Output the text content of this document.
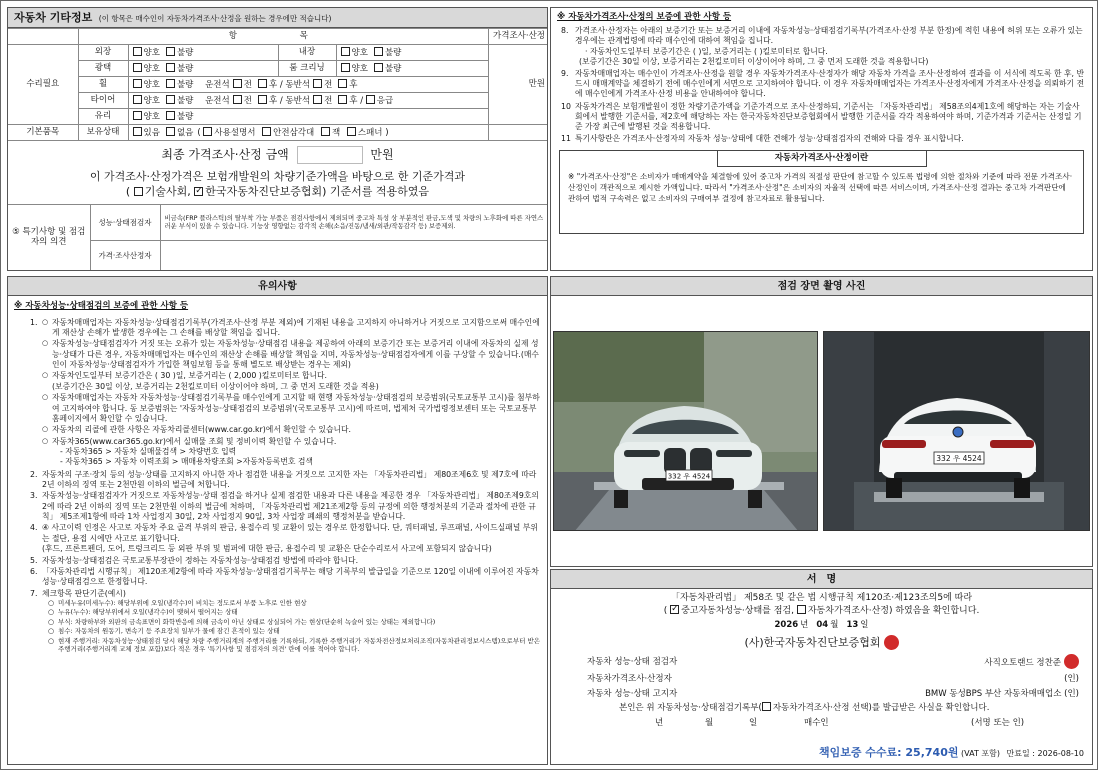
자동차 기타정보 (이 항목은 매수인이 자동차가격조사·산정을 원하는 경우에만 적습니다)
	항 목				가격조사·산정
수리필요	외장	양호 불량	내장	양호 불량	만원
	광택	양호 불량	룸 크리닝	양호 불량	
	휠	양호 불량 운전석 전 후 / 동반석 전 후			
	타이어	양호 불량 운전석 전 후 / 동반석 전 후 / 응급			
	유리	양호 불량			
기본품목	보유상태	있음 없음 ( 사용설명서 안전삼각대 잭 스패너 )			
최종 가격조사·산정 금액	만원
이 가격조사·산정가격은 보험개발원의 차량기준가액을 바탕으로 한 기준가격과
( 기술사회, ✓ 한국자동차진단보증협회) 기준서를 적용하였음
⑤ 특기사항 및 점검자의 의견	성능·상태점검자	비금속(FRP 플라스틱)의 탈부착 가능 부품은 점검사항에서 제외되며 중고차 특성 상 부분적인 판금,도색 및 차량의 노후화에 따른 자연스러운 부식이 있을 수 있습니다. 기능상 영향없는 감각적 손해(소음/진동/냄새/외관/작동감각 등) 보증제외.
	가격·조사산정자	
※ 자동차가격조사·산정의 보증에 관한 사항 등
8. 가격조사·산정자는 아래의 보증기간 또는 보증거리 이내에 자동차성능·상태점검기록부(가격조사·산정 부분 한정)에 적힌 내용에 허위 또는 오류가 있는 경우에는 관계법령에 따라 매수인에 대하여 책임을 집니다.
· 자동차인도일부터 보증기간은 ( )일, 보증거리는 ( )킬로미터로 합니다.
(보증기간은 30일 이상, 보증거리는 2천킬로미터 이상이어야 하며, 그 중 먼저 도래한 것을 적용합니다)
9. 자동차매매업자는 매수인이 가격조사·산정을 원할 경우 자동차가격조사·산정자가 해당 자동차 가격을 조사·산정하여 결과를 이 서식에 적도록 한 후, 반드시 매매계약을 체결하기 전에 매수인에게 서면으로 고지하여야 합니다. 이 경우 자동차매매업자는 가격조사·산정자에게 가격조사·산정을 의뢰하기 전에 매수인에게 가격조사·산정 비용을 안내하여야 합니다.
10 자동차가격은 보험개발원이 정한 차량기준가액을 기준가격으로 조사·산정하되, 기준서는 「자동차관리법」 제58조의4제1호에 해당하는 자는 기술사회에서 발행한 기준서를, 제2호에 해당하는 자는 한국자동차진단보증협회에서 발행한 기준서를 각각 적용하여야 하며, 기준가격과 기준서는 산정일 기준 가장 최근에 발행된 것을 적용합니다.
11 특기사항란은 가격조사·산정자의 자동차 성능·상태에 대한 견해가 성능·상태점검자의 견해와 다를 경우 표시합니다.
자동차가격조사·산정이란
※ "가격조사·산정"은 소비자가 매매계약을 체결함에 있어 중고차 가격의 적절성 판단에 참고할 수 있도록 법령에 의한 절차와 기준에 따라 전문 가격조사·산정인이 객관적으로 제시한 가액입니다. 따라서 "가격조사·산정"은 소비자의 자율적 선택에 따른 서비스이며, 가격조사·산정 결과는 중고차 가격판단에 관하여 법적 구속력은 없고 소비자의 구매여부 결정에 참고자료로 활용됩니다.
유의사항
※ 자동차성능·상태점검의 보증에 관한 사항 등
1.	○ 자동차매매업자는 자동차성능·상태점검기록부(가격조사·산정 부분 제외)에 기재된 내용을 고지하지 아니하거나 거짓으로 고지함으로써 매수인에게 재산상 손해가 발생한 경우에는 그 손해를 배상할 책임을 집니다.
○ 자동차성능·상태점검자가 거짓 또는 오류가 있는 자동차성능·상태점검 내용을 제공하여 아래의 보증기간 또는 보증거리 이내에 자동차의 실제 성능·상태가 다른 경우, 자동차매매업자는 매수인의 재산상 손해를 배상할 책임을 지며, 자동차성능·상태점검자에게 이를 구상할 수 있습니다.(매수인이 자동차성능·상태점검자가 가입한 책임보험 등을 통해 별도로 배상받는 경우는 제외)
○ 자동차인도일부터 보증기간은 ( 30 )일, 보증거리는 ( 2,000 )킬로미터로 합니다.
(보증기간은 30일 이상, 보증거리는 2천킬로미터 이상이어야 하며, 그 중 먼저 도래한 것을 적용)
○ 자동차매매업자는 자동차 자동차성능·상태점검기록부를 매수인에게 고지할 때 현행 자동차성능·상태점검의 보증범위(국토교통부 고시)를 첨부하여 고지하여야 합니다. 동 보증범위는 '자동차성능·상태점검의 보증범위'(국토교통부 고시)에 따르며, 법제처 국가법령정보센터 또는 국토교통부 홈페이지에서 확인할 수 있습니다.
○ 자동차의 리콜에 관한 사항은 자동차리콜센터(www.car.go.kr)에서 확인할 수 있습니다.
○ 자동차365(www.car365.go.kr)에서 실매물 조회 및 정비이력 확인할 수 있습니다.
- 자동차365 > 자동차 실매물검색 > 차량번호 입력
- 자동차365 > 자동차 이력조회 > 매매용차량조회 >자동차등록번호 검색
2. 자동차의 구조·장치 등의 성능·상태를 고지하지 아니한 자나 점검한 내용을 거짓으로 고지한 자는 「자동차관리법」 제80조제6호 및 제7호에 따라 2년 이하의 징역 또는 2천만원 이하의 벌금에 처합니다.
3. 자동차성능·상태점검자가 거짓으로 자동차성능·상태 점검을 하거나 실제 점검한 내용과 다른 내용을 제공한 경우 「자동차관리법」 제80조제9호의2에 따라 2년 이하의 징역 또는 2천만원 이하의 벌금에 처하며, 「자동차관리법 제21조제2항 등의 규정에 의한 행정처분의 기준과 절차에 관한 규칙」 제5조제1항에 따라 1차 사업정지 30일, 2차 사업정지 90일, 3차 사업장 폐쇄의 행정처분을 받습니다.
4. ④ 사고이력 인정은 사고로 자동차 주요 골격 부위의 판금, 용접수리 및 교환이 있는 경우로 한정합니다. 단, 쿼터패널, 루프패널, 사이드실패널 부위는 절단, 용접 시에만 사고로 표기합니다.
(후드, 프론트펜더, 도어, 트렁크리드 등 외판 부위 및 범퍼에 대한 판금, 용접수리 및 교환은 단순수리로서 사고에 포함되지 않습니다)
5. 자동차성능·상태점검은 국토교통부장관이 정하는 자동차성능·상태점검 방법에 따라야 합니다.
6. 「자동차관리법 시행규칙」 제120조제2항에 따라 자동차성능·상태점검기록부는 해당 기록부의 발급일을 기준으로 120일 이내에 이루어진 자동차 성능·상태점검으로 한정합니다.
7. 체크항목 판단기준(예시)
○ 미세누유(미세누수): 해당부위에 오일(냉각수)이 비치는 정도로서 부품 노후로 인한 현상
○ 누유(누수): 해당부위에서 오일(냉각수)이 맺혀서 떨어지는 상태
○ 부식: 차량하부와 외판의 금속표면이 화학반응에 의해 금속이 아닌 상태로 상실되어 가는 현상(단순히 녹슬어 있는 상태는 제외합니다)
○ 침수: 자동차의 원동기, 변속기 등 주요장치 일부가 물에 잠긴 흔적이 있는 상태
○ 현재 주행거리: 자동차성능·상태점검 당시 해당 차량 주행거리계의 주행거리를 기록하되, 기록한 주행거리가 자동차전산정보처리조직(자동차관리정보시스템)으로부터 받은 주행거리(주행거리계 교체 정보 포함)보다 적은 경우 '특기사항 및 점검자의 의견' 란에 이를 적어야 합니다.
점검 장면 촬영 사진
332 우 4524
332 우 4524
서　명
「자동차관리법」 제58조 및 같은 법 시행규칙 제120조·제123조의5에 따라
( ✓중고자동차성능·상태를 점검, 자동차가격조사·산정) 하였음을 확인합니다.
2026 년 04 월 13 일
(사)한국자동차진단보증협회
자동차 성능·상태 점검자	사직오토랜드 정찬준
자동차가격조사·산정자	(인)
자동차 성능·상태 고지자	BMW 동성BPS 부산 자동차매매업소 (인)
본인은 위 자동차성능·상태점검기록부( 자동차가격조사·산정 선택)를 발급받은 사실을 확인합니다.
년	월	일	매수인	(서명 또는 인)
책임보증 수수료: 25,740원 (VAT 포함) 만료일 : 2026-08-10
